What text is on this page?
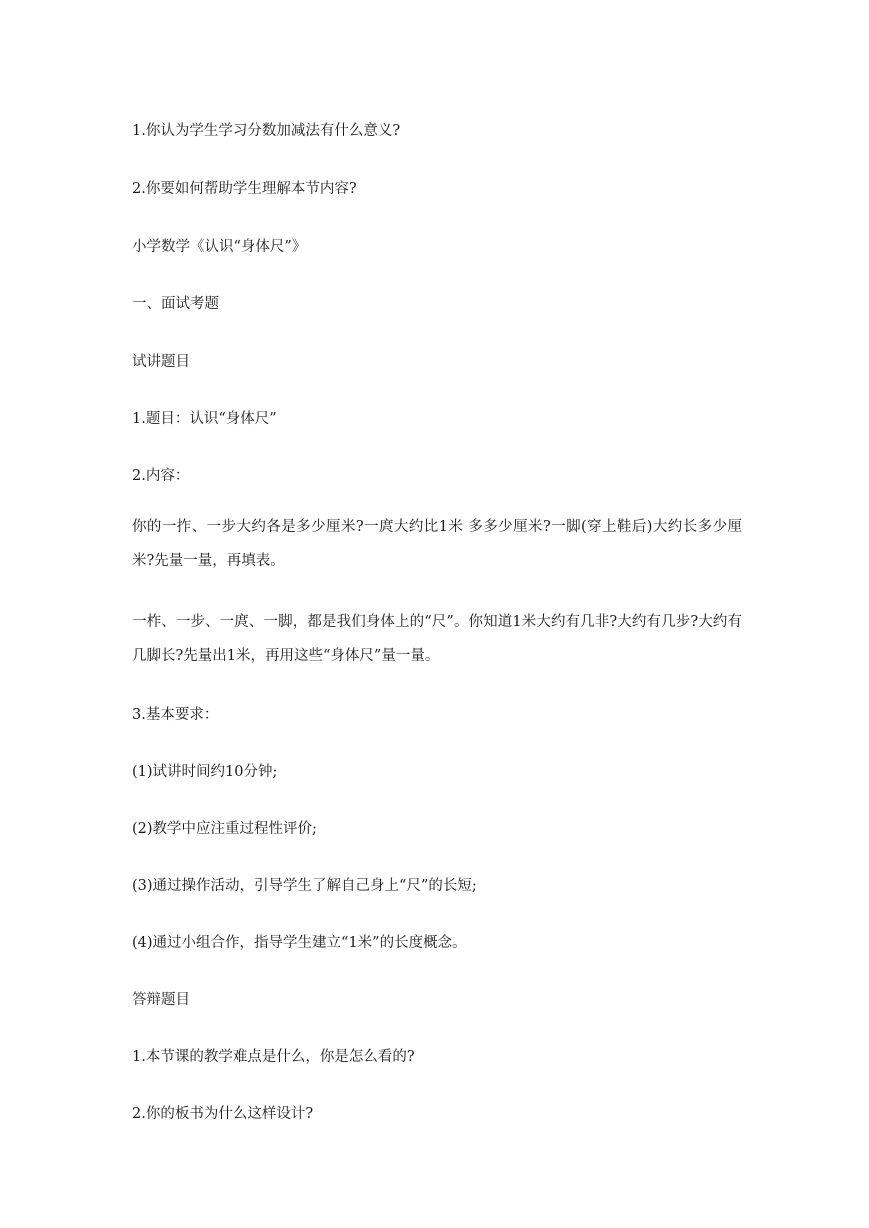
1.你认为学生学习分数加减法有什么意义?

2.你要如何帮助学生理解本节内容?

小学数学《认识“身体尺”》

一、面试考题

试讲题目

1.题目：认识“身体尺”

2.内容：

你的一拃、一步大约各是多少厘米?一庹大约比1米 多多少厘米?一脚(穿上鞋后)大约长多少厘米?先量一量，再填表。

一柞、一步、一庹、一脚，都是我们身体上的“尺”。你知道1米大约有几非?大约有几步?大约有几脚长?先量出1米，再用这些“身体尺”量一量。

3.基本要求：

(1)试讲时间约10分钟;

(2)教学中应注重过程性评价;

(3)通过操作活动，引导学生了解自己身上“尺”的长短;

(4)通过小组合作，指导学生建立“1米”的长度概念。

答辩题目

1.本节课的教学难点是什么，你是怎么看的?

2.你的板书为什么这样设计?
